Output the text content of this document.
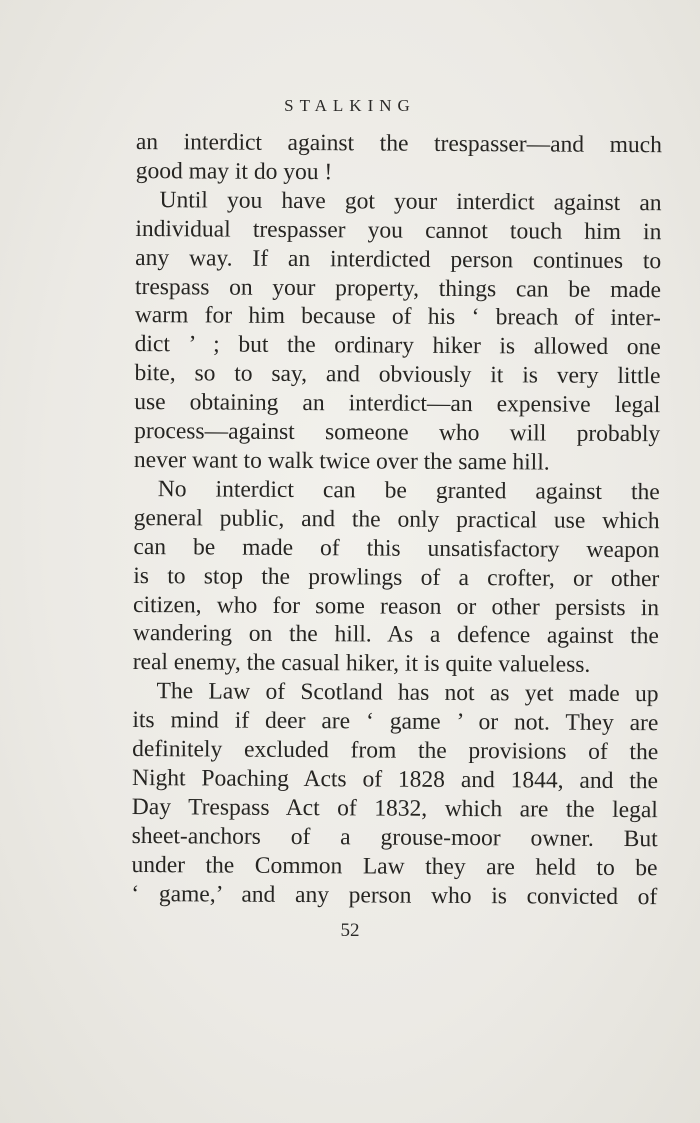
STALKING
an interdict against the trespasser—and much
good may it do you !
Until you have got your interdict against an
individual trespasser you cannot touch him in
any way. If an interdicted person continues to
trespass on your property, things can be made
warm for him because of his ‘ breach of inter-
dict ’ ; but the ordinary hiker is allowed one
bite, so to say, and obviously it is very little
use obtaining an interdict—an expensive legal
process—against someone who will probably
never want to walk twice over the same hill.
No interdict can be granted against the
general public, and the only practical use which
can be made of this unsatisfactory weapon
is to stop the prowlings of a crofter, or other
citizen, who for some reason or other persists in
wandering on the hill. As a defence against the
real enemy, the casual hiker, it is quite valueless.
The Law of Scotland has not as yet made up
its mind if deer are ‘ game ’ or not. They are
definitely excluded from the provisions of the
Night Poaching Acts of 1828 and 1844, and the
Day Trespass Act of 1832, which are the legal
sheet-anchors of a grouse-moor owner. But
under the Common Law they are held to be
‘ game,’ and any person who is convicted of
52
